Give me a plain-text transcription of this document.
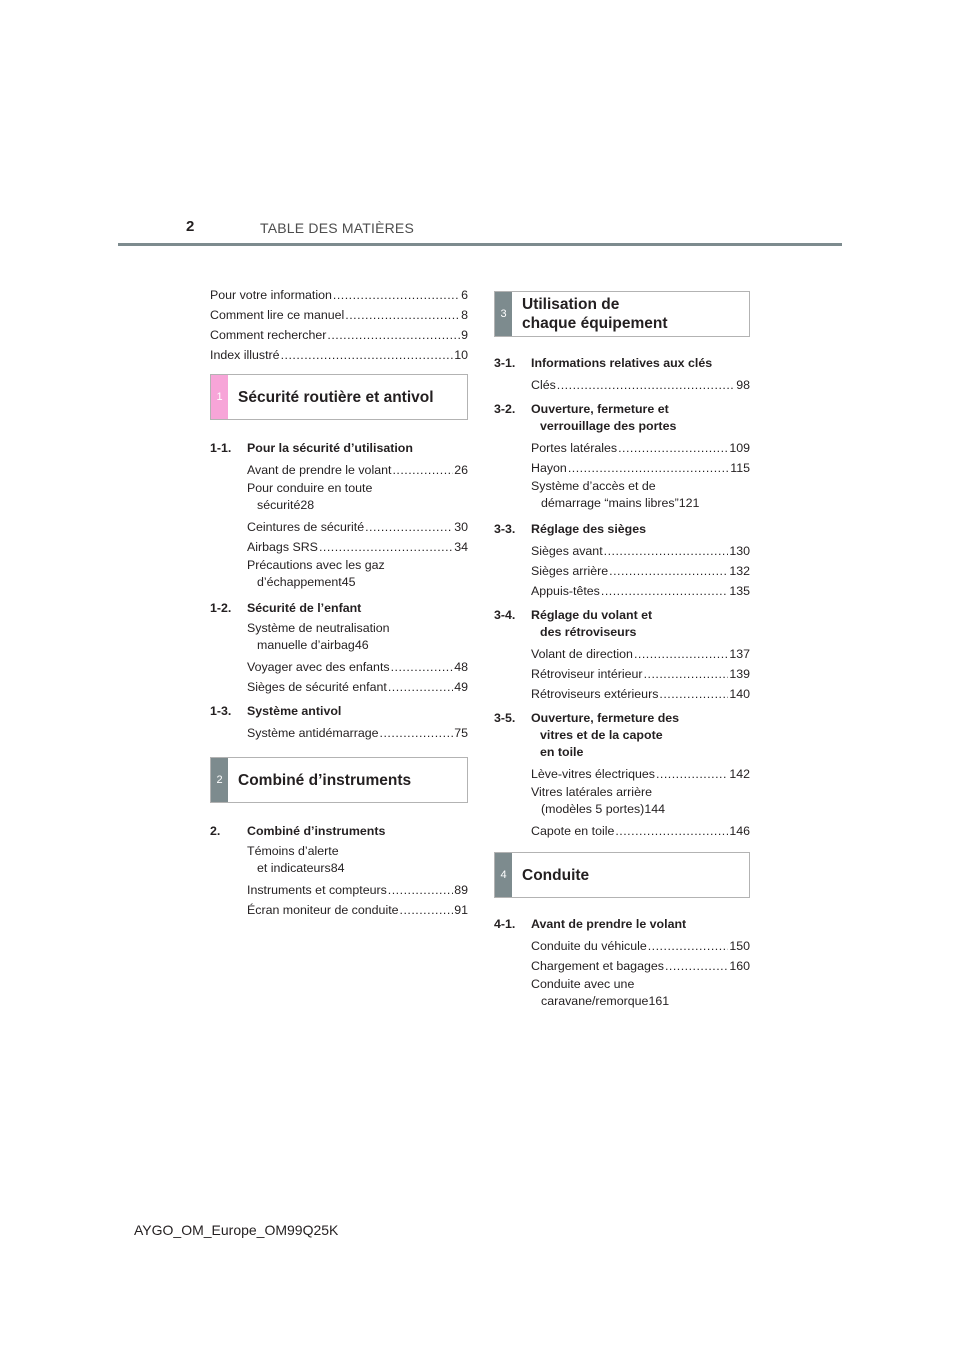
2	TABLE DES MATIÈRES
Pour votre information .....	6
Comment lire ce manuel .....	8
Comment rechercher .....	9
Index illustré .....	10
1 Sécurité routière et antivol
1-1. Pour la sécurité d’utilisation
Avant de prendre le volant .....	26
Pour conduire en toute
sécurité 28
Ceintures de sécurité .....	30
Airbags SRS .....	34
Précautions avec les gaz
d’échappement 45
1-2. Sécurité de l’enfant
Système de neutralisation
manuelle d’airbag 46
Voyager avec des enfants .....	48
Sièges de sécurité enfant .....	49
1-3. Système antivol
Système antidémarrage .....	75
2 Combiné d’instruments
2. Combiné d’instruments
Témoins d’alerte
et indicateurs 84
Instruments et compteurs .....	89
Écran moniteur de conduite .....	91
3
Utilisation de
chaque équipement
3-1. Informations relatives aux clés
Clés .....	98
3-2. Ouverture, fermeture et
verrouillage des portes
Portes latérales .....	109
Hayon .....	115
Système d’accès et de
démarrage “mains libres” 121
3-3. Réglage des sièges
Sièges avant .....	130
Sièges arrière .....	132
Appuis-têtes .....	135
3-4. Réglage du volant et
des rétroviseurs
Volant de direction .....	137
Rétroviseur intérieur .....	139
Rétroviseurs extérieurs .....	140
3-5. Ouverture, fermeture des
vitres et de la capote
en toile
Lève-vitres électriques .....	142
Vitres latérales arrière
(modèles 5 portes) 144
Capote en toile .....	146
4 Conduite
4-1. Avant de prendre le volant
Conduite du véhicule .....	150
Chargement et bagages .....	160
Conduite avec une
caravane/remorque 161
AYGO_OM_Europe_OM99Q25K
